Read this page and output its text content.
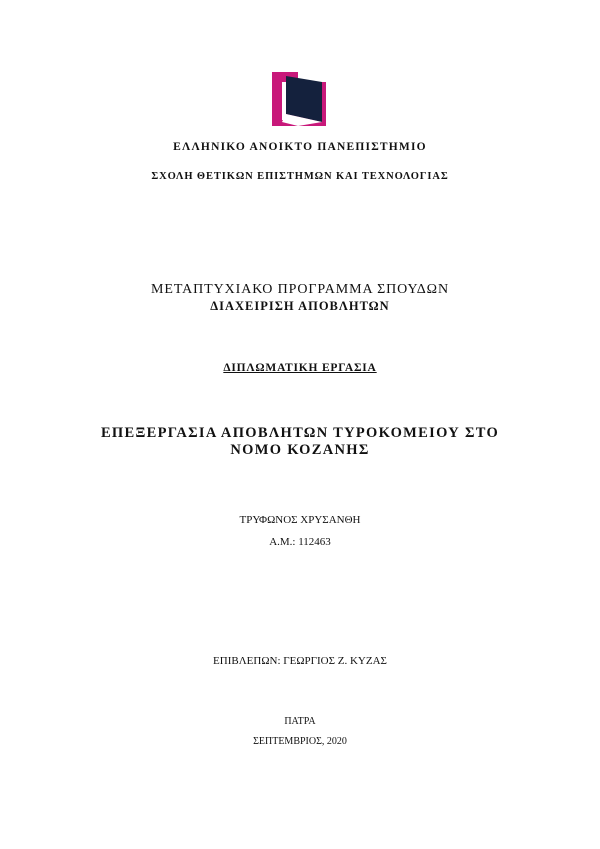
ΕΛΛΗΝΙΚΟ ΑΝΟΙΚΤΟ ΠΑΝΕΠΙΣΤΗΜΙΟ
ΣΧΟΛΗ ΘΕΤΙΚΩΝ ΕΠΙΣΤΗΜΩΝ ΚΑΙ ΤΕΧΝΟΛΟΓΙΑΣ
ΜΕΤΑΠΤΥΧΙΑΚΟ ΠΡΟΓΡΑΜΜΑ ΣΠΟΥΔΩΝ
ΔΙΑΧΕΙΡΙΣΗ ΑΠΟΒΛΗΤΩΝ
ΔΙΠΛΩΜΑΤΙΚΗ ΕΡΓΑΣΙΑ
ΕΠΕΞΕΡΓΑΣΙΑ ΑΠΟΒΛΗΤΩΝ ΤΥΡΟΚΟΜΕΙΟΥ ΣΤΟ
ΝΟΜΟ ΚΟΖΑΝΗΣ
ΤΡΥΦΩΝΟΣ ΧΡΥΣΑΝΘΗ
Α.Μ.: 112463
ΕΠΙΒΛΕΠΩΝ: ΓΕΩΡΓΙΟΣ Ζ. ΚΥΖΑΣ
ΠΑΤΡΑ
ΣΕΠΤΕΜΒΡΙΟΣ, 2020
